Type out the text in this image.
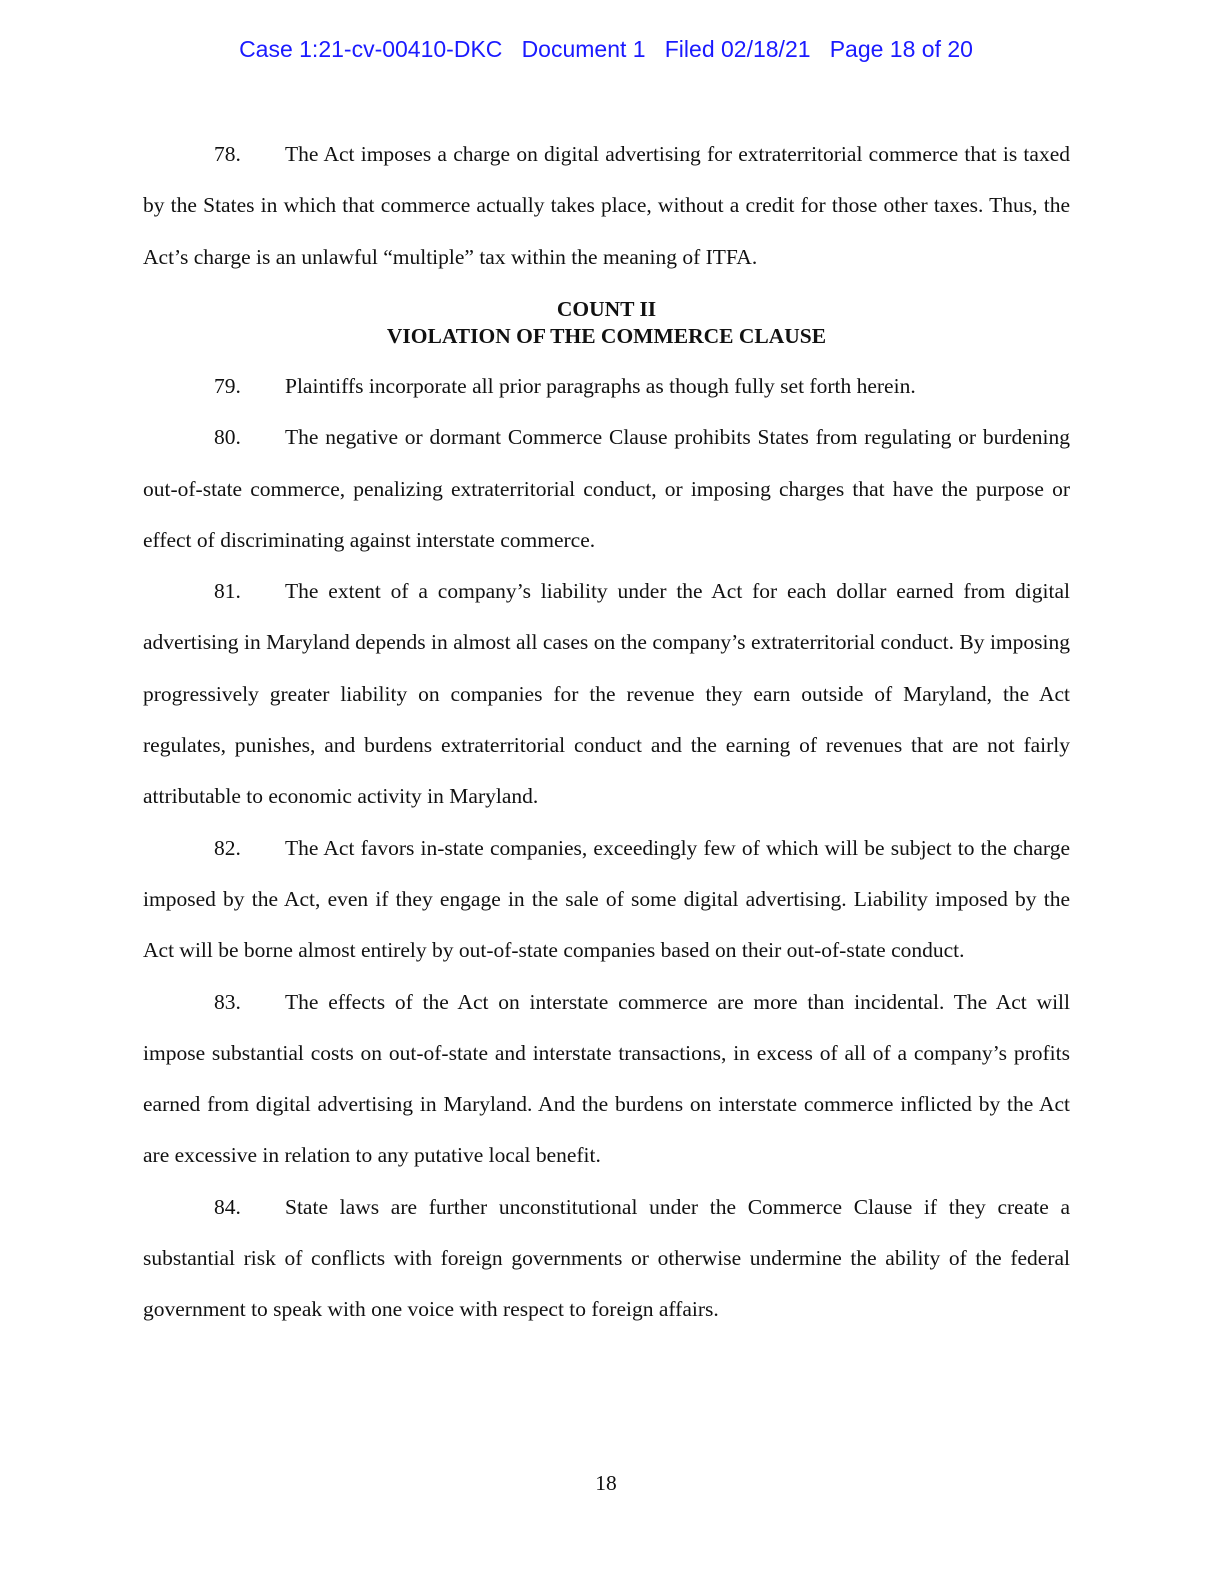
Case 1:21-cv-00410-DKC   Document 1   Filed 02/18/21   Page 18 of 20

78. The Act imposes a charge on digital advertising for extraterritorial commerce that is taxed by the States in which that commerce actually takes place, without a credit for those other taxes. Thus, the Act’s charge is an unlawful “multiple” tax within the meaning of ITFA.

COUNT II
VIOLATION OF THE COMMERCE CLAUSE

79. Plaintiffs incorporate all prior paragraphs as though fully set forth herein.

80. The negative or dormant Commerce Clause prohibits States from regulating or burdening out-of-state commerce, penalizing extraterritorial conduct, or imposing charges that have the purpose or effect of discriminating against interstate commerce.

81. The extent of a company’s liability under the Act for each dollar earned from digital advertising in Maryland depends in almost all cases on the company’s extraterritorial conduct. By imposing progressively greater liability on companies for the revenue they earn outside of Maryland, the Act regulates, punishes, and burdens extraterritorial conduct and the earning of revenues that are not fairly attributable to economic activity in Maryland.

82. The Act favors in-state companies, exceedingly few of which will be subject to the charge imposed by the Act, even if they engage in the sale of some digital advertising. Liability imposed by the Act will be borne almost entirely by out-of-state companies based on their out-of-state conduct.

83. The effects of the Act on interstate commerce are more than incidental. The Act will impose substantial costs on out-of-state and interstate transactions, in excess of all of a company’s profits earned from digital advertising in Maryland. And the burdens on interstate commerce inflicted by the Act are excessive in relation to any putative local benefit.

84. State laws are further unconstitutional under the Commerce Clause if they create a substantial risk of conflicts with foreign governments or otherwise undermine the ability of the federal government to speak with one voice with respect to foreign affairs.

18
